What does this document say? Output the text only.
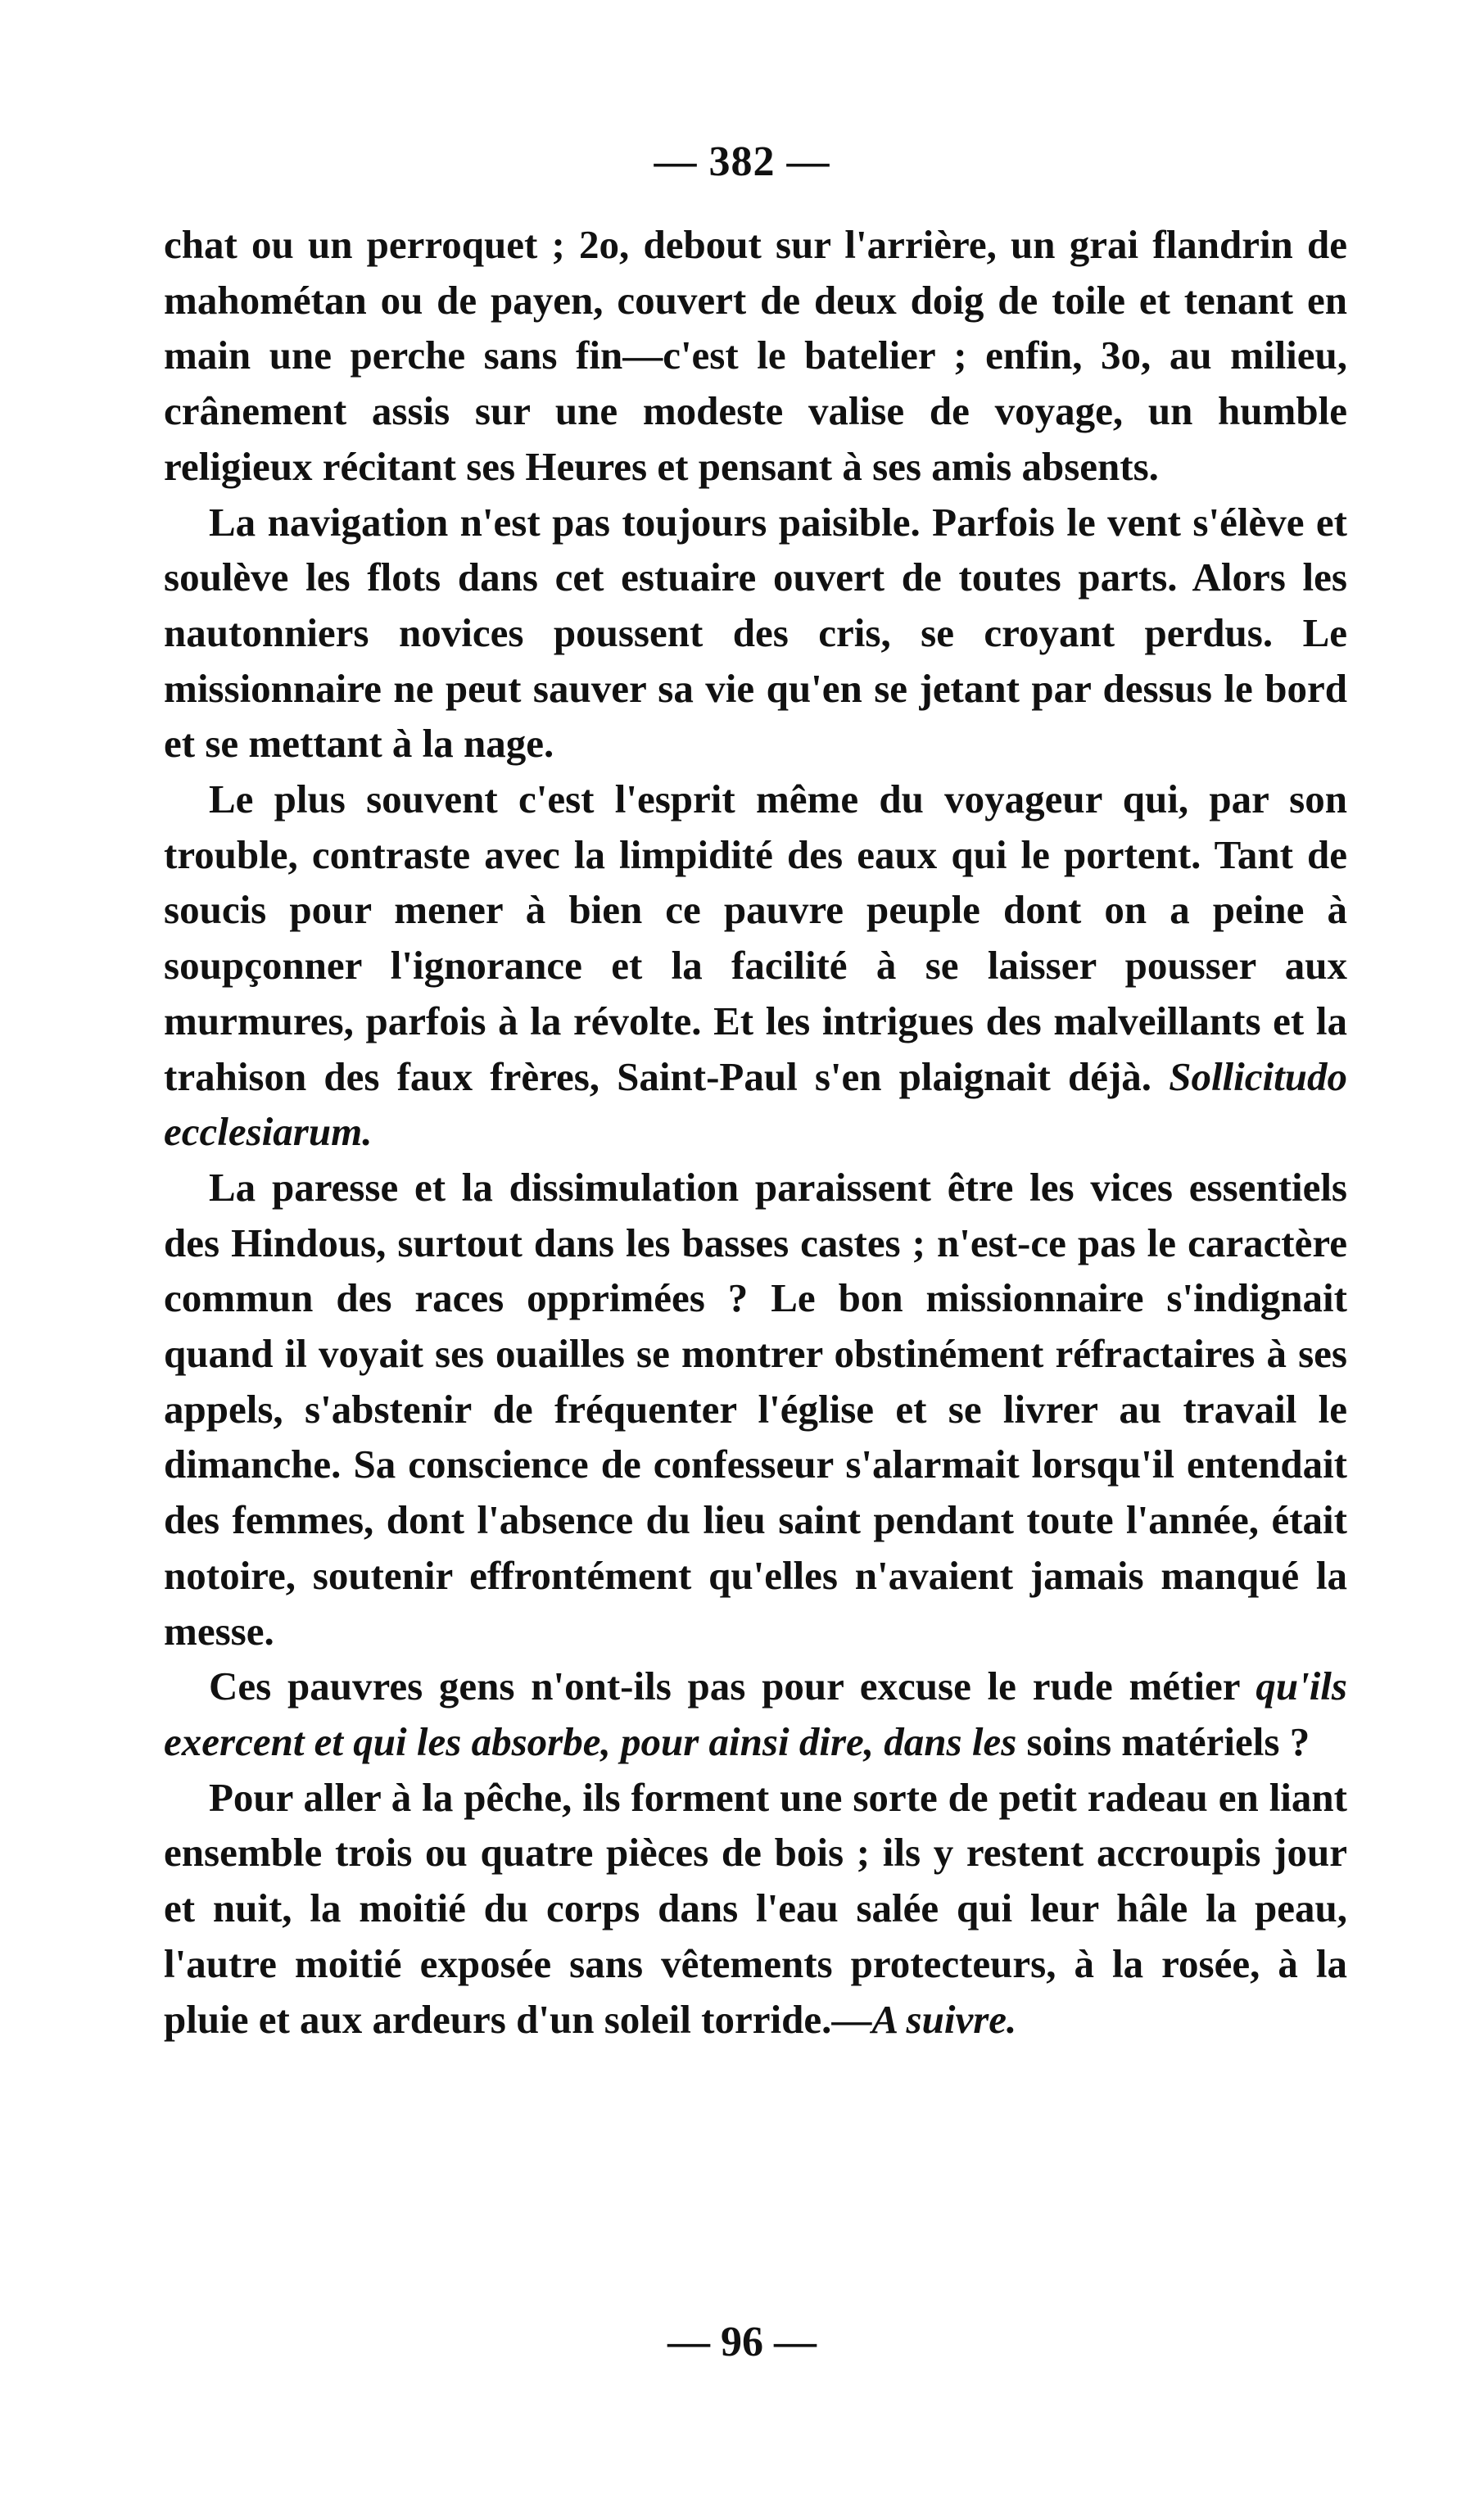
— 382 —

chat ou un perroquet ; 2o, debout sur l'arrière, un grai flandrin de mahométan ou de payen, couvert de deux doig de toile et tenant en main une perche sans fin—c'est le batelier ; enfin, 3o, au milieu, crânement assis sur une modeste valise de voyage, un humble religieux récitant ses Heures et pensant à ses amis absents.

La navigation n'est pas toujours paisible. Parfois le vent s'élève et soulève les flots dans cet estuaire ouvert de toutes parts. Alors les nautonniers novices poussent des cris, se croyant perdus. Le missionnaire ne peut sauver sa vie qu'en se jetant par dessus le bord et se mettant à la nage.

Le plus souvent c'est l'esprit même du voyageur qui, par son trouble, contraste avec la limpidité des eaux qui le portent. Tant de soucis pour mener à bien ce pauvre peuple dont on a peine à soupçonner l'ignorance et la facilité à se laisser pousser aux murmures, parfois à la révolte. Et les intrigues des malveillants et la trahison des faux frères, Saint-Paul s'en plaignait déjà. Sollicitudo ecclesiarum.

La paresse et la dissimulation paraissent être les vices essentiels des Hindous, surtout dans les basses castes ; n'est-ce pas le caractère commun des races opprimées ? Le bon missionnaire s'indignait quand il voyait ses ouailles se montrer obstinément réfractaires à ses appels, s'abstenir de fréquenter l'église et se livrer au travail le dimanche. Sa conscience de confesseur s'alarmait lorsqu'il entendait des femmes, dont l'absence du lieu saint pendant toute l'année, était notoire, soutenir effrontément qu'elles n'avaient jamais manqué la messe.

Ces pauvres gens n'ont-ils pas pour excuse le rude métier qu'ils exercent et qui les absorbe, pour ainsi dire, dans les soins matériels ?

Pour aller à la pêche, ils forment une sorte de petit radeau en liant ensemble trois ou quatre pièces de bois ; ils y restent accroupis jour et nuit, la moitié du corps dans l'eau salée qui leur hâle la peau, l'autre moitié exposée sans vêtements protecteurs, à la rosée, à la pluie et aux ardeurs d'un soleil torride.—A suivre.

— 96 —
